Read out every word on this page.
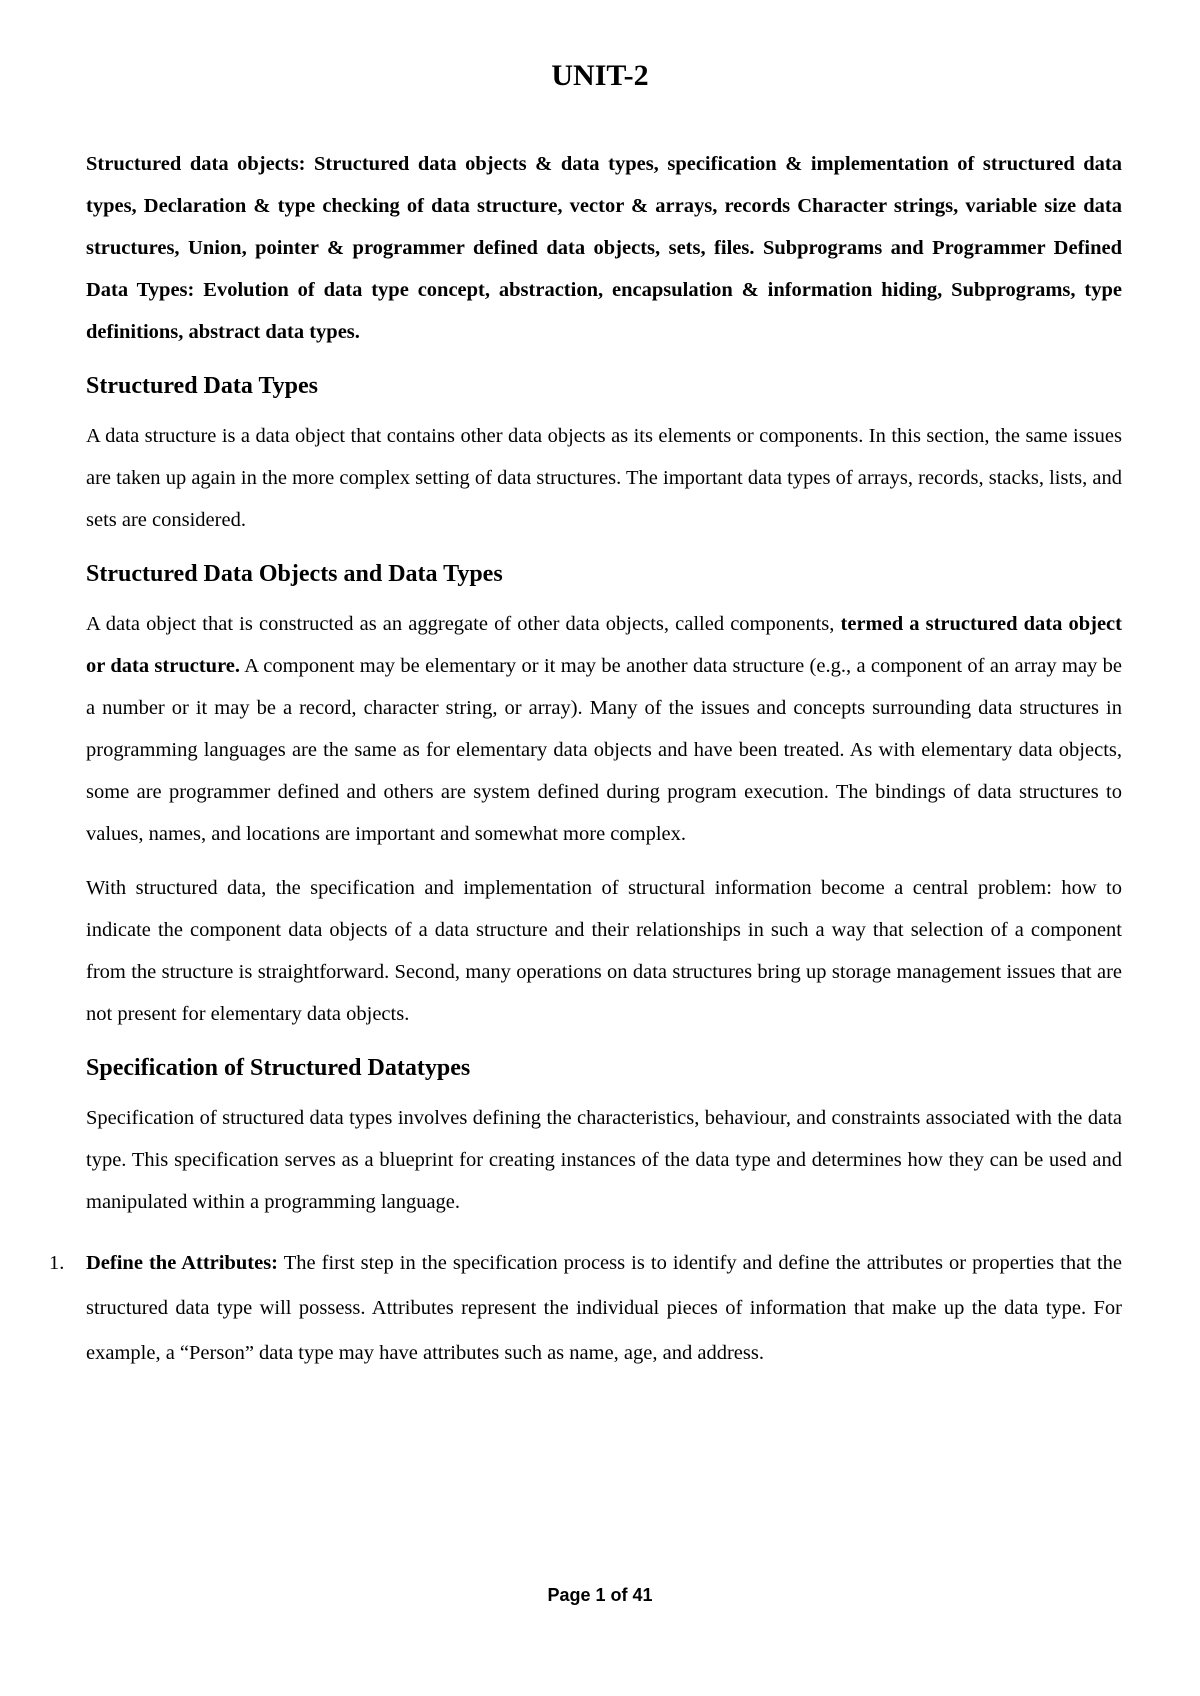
UNIT-2

Structured data objects: Structured data objects & data types, specification & implementation of structured data types, Declaration & type checking of data structure, vector & arrays, records Character strings, variable size data structures, Union, pointer & programmer defined data objects, sets, files. Subprograms and Programmer Defined Data Types: Evolution of data type concept, abstraction, encapsulation & information hiding, Subprograms, type definitions, abstract data types.

Structured Data Types

A data structure is a data object that contains other data objects as its elements or components. In this section, the same issues are taken up again in the more complex setting of data structures. The important data types of arrays, records, stacks, lists, and sets are considered.

Structured Data Objects and Data Types

A data object that is constructed as an aggregate of other data objects, called components, termed a structured data object or data structure. A component may be elementary or it may be another data structure (e.g., a component of an array may be a number or it may be a record, character string, or array). Many of the issues and concepts surrounding data structures in programming languages are the same as for elementary data objects and have been treated. As with elementary data objects, some are programmer defined and others are system defined during program execution. The bindings of data structures to values, names, and locations are important and somewhat more complex.

With structured data, the specification and implementation of structural information become a central problem: how to indicate the component data objects of a data structure and their relationships in such a way that selection of a component from the structure is straightforward. Second, many operations on data structures bring up storage management issues that are not present for elementary data objects.

Specification of Structured Datatypes

Specification of structured data types involves defining the characteristics, behaviour, and constraints associated with the data type. This specification serves as a blueprint for creating instances of the data type and determines how they can be used and manipulated within a programming language.

1. Define the Attributes: The first step in the specification process is to identify and define the attributes or properties that the structured data type will possess. Attributes represent the individual pieces of information that make up the data type. For example, a “Person” data type may have attributes such as name, age, and address.
Page 1 of 41
